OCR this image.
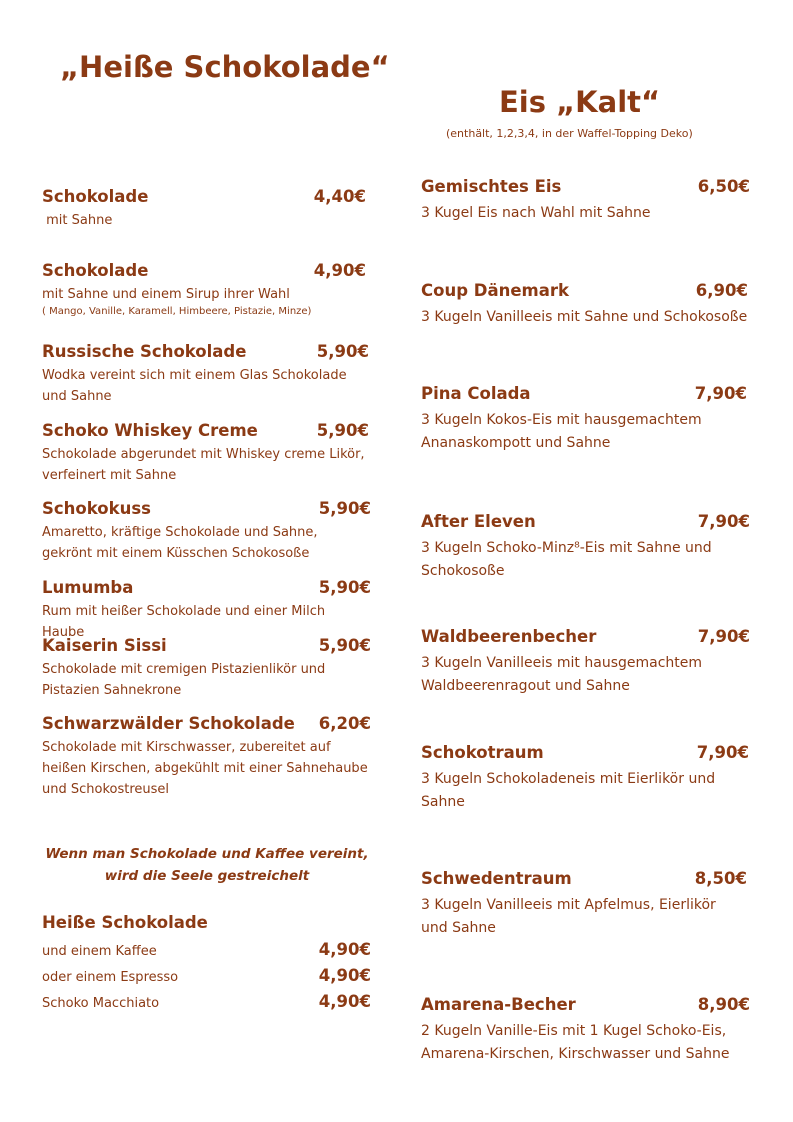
„Heiße Schokolade“
Schokolade	4,40€
mit Sahne
Schokolade	4,90€
mit Sahne und einem Sirup ihrer Wahl
( Mango, Vanille, Karamell, Himbeere, Pistazie, Minze)
Russische Schokolade	5,90€
Wodka vereint sich mit einem Glas Schokolade und Sahne
Schoko Whiskey Creme	5,90€
Schokolade abgerundet mit Whiskey creme Likör, verfeinert mit Sahne
Schokokuss	5,90€
Amaretto, kräftige Schokolade und Sahne, gekrönt mit einem Küsschen Schokosoße
Lumumba	5,90€
Rum mit heißer Schokolade und einer Milch Haube
Kaiserin Sissi	5,90€
Schokolade mit cremigen Pistazienlikör und Pistazien Sahnekrone
Schwarzwälder Schokolade 6,20€
Schokolade mit Kirschwasser, zubereitet auf heißen Kirschen, abgekühlt mit einer Sahnehaube und Schokostreusel
Wenn man Schokolade und Kaffee vereint,
wird die Seele gestreichelt
Heiße Schokolade
und einem Kaffee	4,90€
oder einem Espresso	4,90€
Schoko Macchiato	4,90€
Eis „Kalt“
(enthält, 1,2,3,4, in der Waffel-Topping Deko)
Gemischtes Eis	6,50€
3 Kugel Eis nach Wahl mit Sahne
Coup Dänemark	6,90€
3 Kugeln Vanilleeis mit Sahne und Schokosoße
Pina Colada	7,90€
3 Kugeln Kokos-Eis mit hausgemachtem Ananaskompott und Sahne
After Eleven	7,90€
3 Kugeln Schoko-Minz⁸-Eis mit Sahne und Schokosoße
Waldbeerenbecher	7,90€
3 Kugeln Vanilleeis mit hausgemachtem Waldbeerenragout und Sahne
Schokotraum	7,90€
3 Kugeln Schokoladeneis mit Eierlikör und Sahne
Schwedentraum	8,50€
3 Kugeln Vanilleeis mit Apfelmus, Eierlikör und Sahne
Amarena-Becher	8,90€
2 Kugeln Vanille-Eis mit 1 Kugel Schoko-Eis, Amarena-Kirschen, Kirschwasser und Sahne
